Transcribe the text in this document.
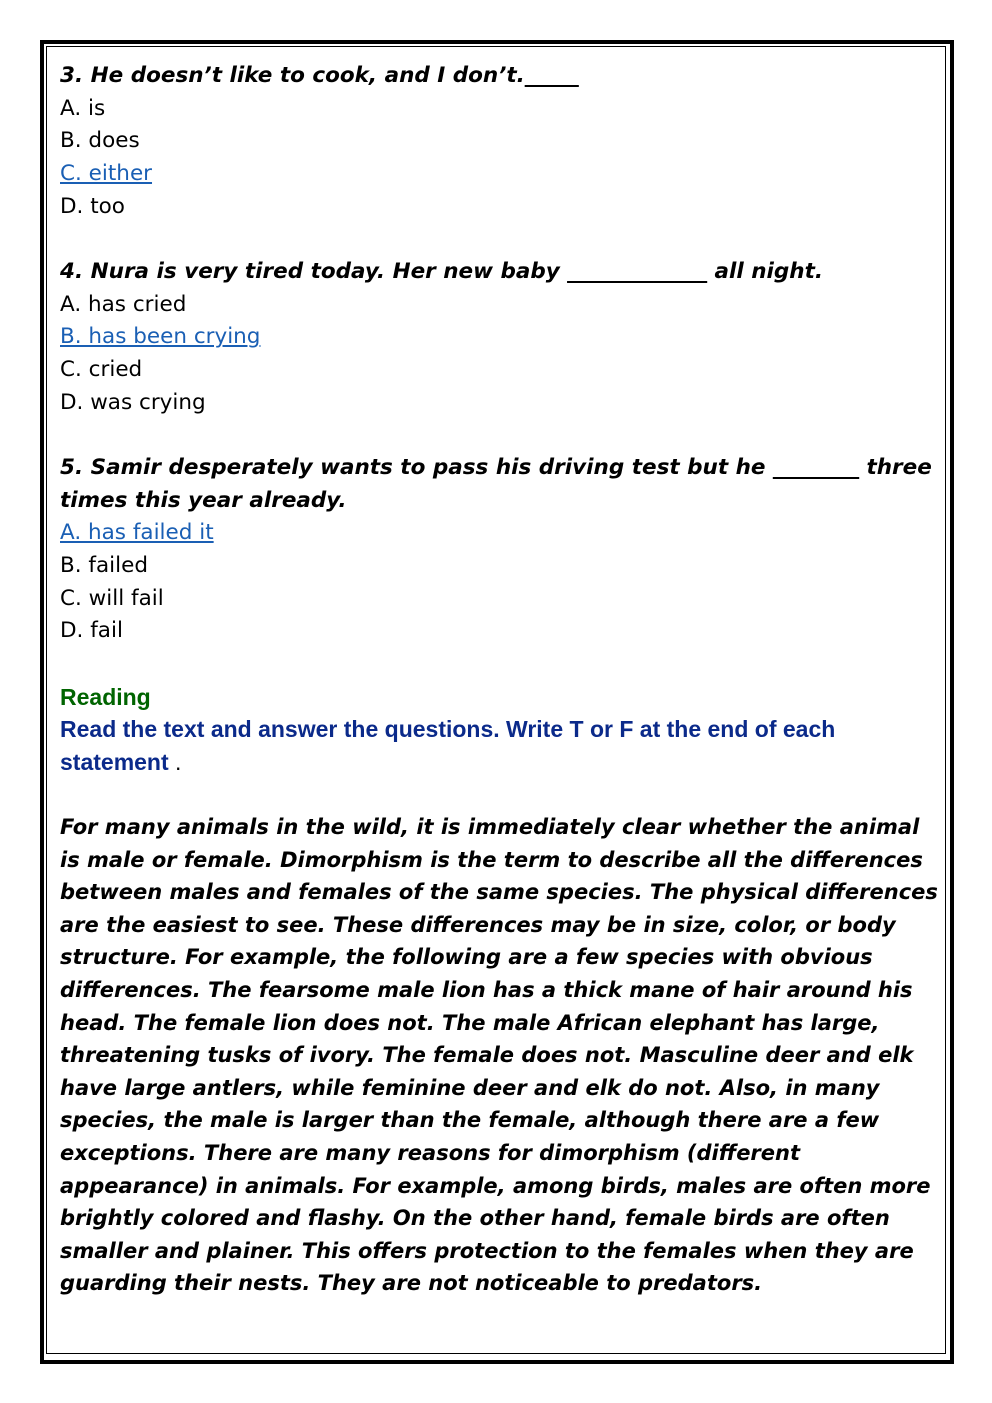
3. He doesn’t like to cook, and I don’t._____
A. is
B. does
C. either
D. too
4. Nura is very tired today. Her new baby _____________ all night.
A. has cried
B. has been crying
C. cried
D. was crying
5. Samir desperately wants to pass his driving test but he ________ three
times this year already.
A. has failed it
B. failed
C. will fail
D. fail
Reading
Read the text and answer the questions. Write T or F at the end of each statement .
For many animals in the wild, it is immediately clear whether the animal is male or female. Dimorphism is the term to describe all the differences between males and females of the same species. The physical differences are the easiest to see. These differences may be in size, color, or body structure. For example, the following are a few species with obvious differences. The fearsome male lion has a thick mane of hair around his head. The female lion does not. The male African elephant has large, threatening tusks of ivory. The female does not. Masculine deer and elk have large antlers, while feminine deer and elk do not. Also, in many species, the male is larger than the female, although there are a few exceptions. There are many reasons for dimorphism (different appearance) in animals. For example, among birds, males are often more brightly colored and flashy. On the other hand, female birds are often smaller and plainer. This offers protection to the females when they are guarding their nests. They are not noticeable to predators.
